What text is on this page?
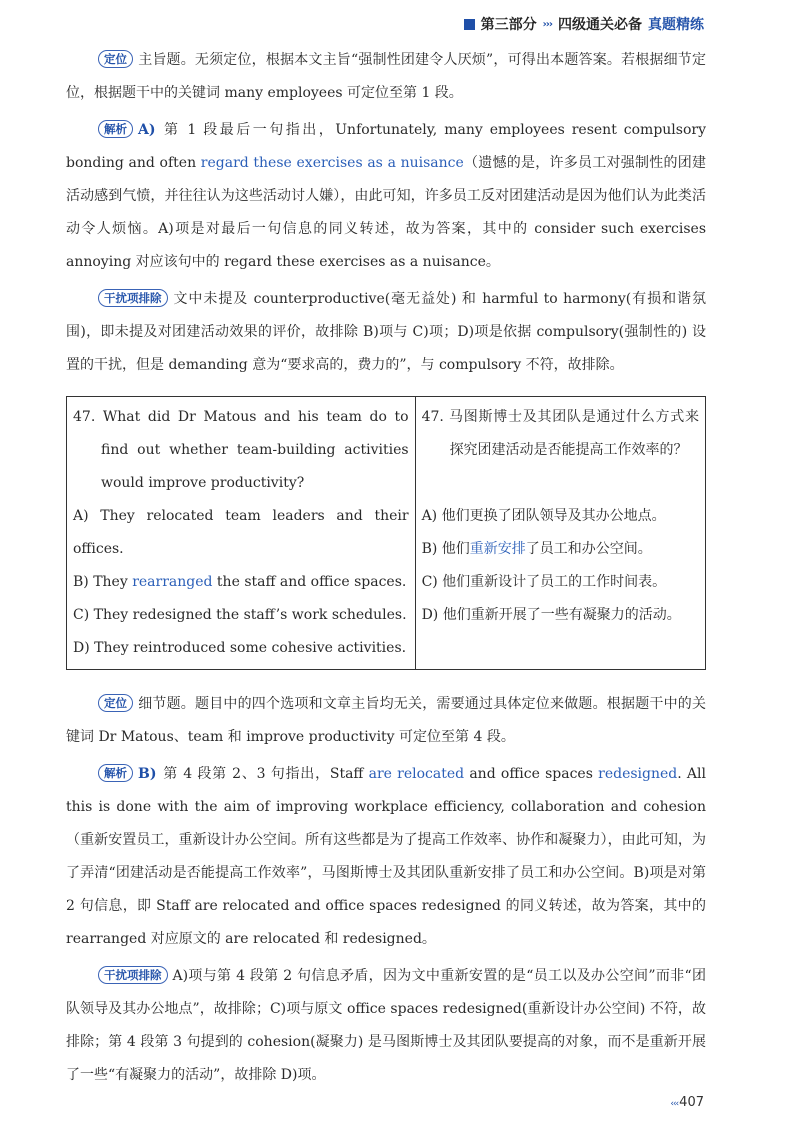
第三部分 ››› 四级通关必备 真题精练

定位 主旨题。无须定位，根据本文主旨“强制性团建令人厌烦”，可得出本题答案。若根据细节定位，根据题干中的关键词 many employees 可定位至第 1 段。

解析 A) 第 1 段最后一句指出，Unfortunately, many employees resent compulsory bonding and often regard these exercises as a nuisance（遗憾的是，许多员工对强制性的团建活动感到气愤，并往往认为这些活动讨人嫌），由此可知，许多员工反对团建活动是因为他们认为此类活动令人烦恼。A)项是对最后一句信息的同义转述，故为答案，其中的 consider such exercises annoying 对应该句中的 regard these exercises as a nuisance。

干扰项排除 文中未提及 counterproductive(毫无益处) 和 harmful to harmony(有损和谐氛围)，即未提及对团建活动效果的评价，故排除 B)项与 C)项；D)项是依据 compulsory(强制性的) 设置的干扰，但是 demanding 意为“要求高的，费力的”，与 compulsory 不符，故排除。

47. What did Dr Matous and his team do to find out whether team-building activities would improve productivity?
A) They relocated team leaders and their offices.
B) They rearranged the staff and office spaces.
C) They redesigned the staff’s work schedules.
D) They reintroduced some cohesive activities.

47. 马图斯博士及其团队是通过什么方式来探究团建活动是否能提高工作效率的？
A) 他们更换了团队领导及其办公地点。
B) 他们重新安排了员工和办公空间。
C) 他们重新设计了员工的工作时间表。
D) 他们重新开展了一些有凝聚力的活动。

定位 细节题。题目中的四个选项和文章主旨均无关，需要通过具体定位来做题。根据题干中的关键词 Dr Matous、team 和 improve productivity 可定位至第 4 段。

解析 B) 第 4 段第 2、3 句指出，Staff are relocated and office spaces redesigned. All this is done with the aim of improving workplace efficiency, collaboration and cohesion（重新安置员工，重新设计办公空间。所有这些都是为了提高工作效率、协作和凝聚力），由此可知，为了弄清“团建活动是否能提高工作效率”，马图斯博士及其团队重新安排了员工和办公空间。B)项是对第 2 句信息，即 Staff are relocated and office spaces redesigned 的同义转述，故为答案，其中的 rearranged 对应原文的 are relocated 和 redesigned。

干扰项排除 A)项与第 4 段第 2 句信息矛盾，因为文中重新安置的是“员工以及办公空间”而非“团队领导及其办公地点”，故排除；C)项与原文 office spaces redesigned(重新设计办公空间) 不符，故排除；第 4 段第 3 句提到的 cohesion(凝聚力) 是马图斯博士及其团队要提高的对象，而不是重新开展了一些“有凝聚力的活动”，故排除 D)项。

‹‹‹407
